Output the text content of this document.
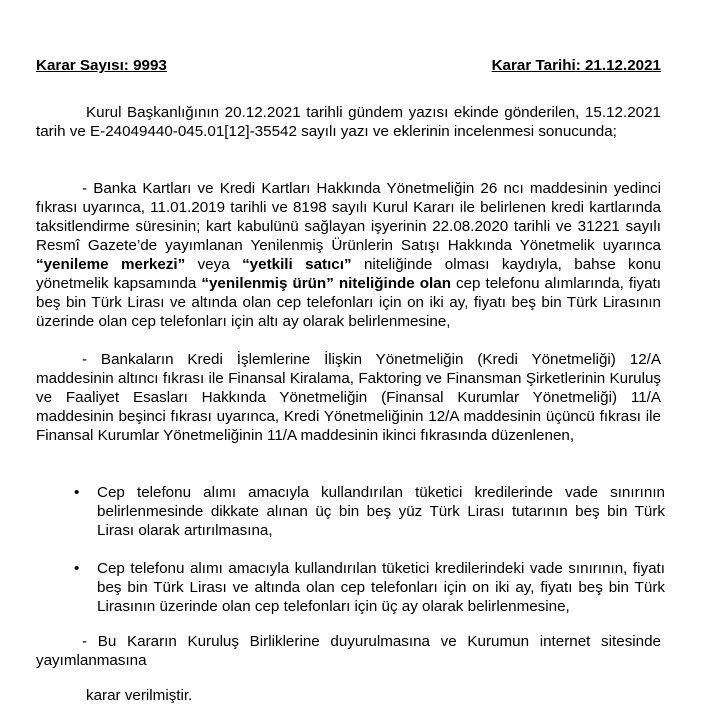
Karar Sayısı: 9993	Karar Tarihi: 21.12.2021

Kurul Başkanlığının 20.12.2021 tarihli gündem yazısı ekinde gönderilen, 15.12.2021 tarih ve E-24049440-045.01[12]-35542 sayılı yazı ve eklerinin incelenmesi sonucunda;

- Banka Kartları ve Kredi Kartları Hakkında Yönetmeliğin 26 ncı maddesinin yedinci fıkrası uyarınca, 11.01.2019 tarihli ve 8198 sayılı Kurul Kararı ile belirlenen kredi kartlarında taksitlendirme süresinin; kart kabulünü sağlayan işyerinin 22.08.2020 tarihli ve 31221 sayılı Resmî Gazete’de yayımlanan Yenilenmiş Ürünlerin Satışı Hakkında Yönetmelik uyarınca “yenileme merkezi” veya “yetkili satıcı” niteliğinde olması kaydıyla, bahse konu yönetmelik kapsamında “yenilenmiş ürün” niteliğinde olan cep telefonu alımlarında, fiyatı beş bin Türk Lirası ve altında olan cep telefonları için on iki ay, fiyatı beş bin Türk Lirasının üzerinde olan cep telefonları için altı ay olarak belirlenmesine,

- Bankaların Kredi İşlemlerine İlişkin Yönetmeliğin (Kredi Yönetmeliği) 12/A maddesinin altıncı fıkrası ile Finansal Kiralama, Faktoring ve Finansman Şirketlerinin Kuruluş ve Faaliyet Esasları Hakkında Yönetmeliğin (Finansal Kurumlar Yönetmeliği) 11/A maddesinin beşinci fıkrası uyarınca, Kredi Yönetmeliğinin 12/A maddesinin üçüncü fıkrası ile Finansal Kurumlar Yönetmeliğinin 11/A maddesinin ikinci fıkrasında düzenlenen,

• Cep telefonu alımı amacıyla kullandırılan tüketici kredilerinde vade sınırının belirlenmesinde dikkate alınan üç bin beş yüz Türk Lirası tutarının beş bin Türk Lirası olarak artırılmasına,
• Cep telefonu alımı amacıyla kullandırılan tüketici kredilerindeki vade sınırının, fiyatı beş bin Türk Lirası ve altında olan cep telefonları için on iki ay, fiyatı beş bin Türk Lirasının üzerinde olan cep telefonları için üç ay olarak belirlenmesine,

- Bu Kararın Kuruluş Birliklerine duyurulmasına ve Kurumun internet sitesinde yayımlanmasına

karar verilmiştir.
